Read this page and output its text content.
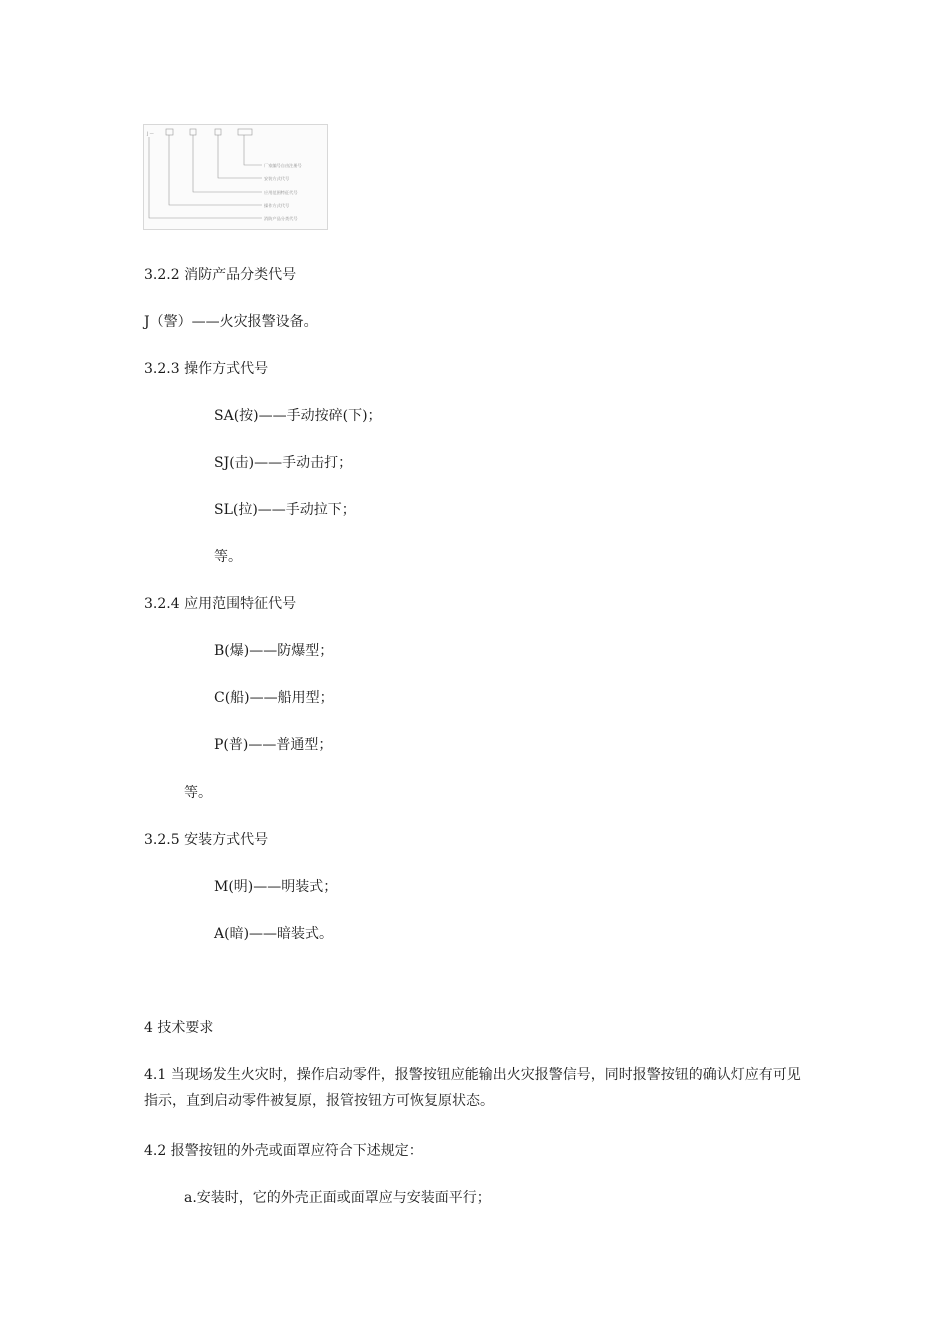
J —
厂家编号自由注册号
安装方式代号
应用范围特征代号
操作方式代号
消防产品分类代号
3.2.2 消防产品分类代号
J（警）——火灾报警设备。
3.2.3 操作方式代号
SA(按)——手动按碎(下)；
SJ(击)——手动击打；
SL(拉)——手动拉下；
等。
3.2.4 应用范围特征代号
B(爆)——防爆型；
C(船)——船用型；
P(普)——普通型；
等。
3.2.5 安装方式代号
M(明)——明装式；
A(暗)——暗装式。
4 技术要求
4.1 当现场发生火灾时，操作启动零件，报警按钮应能输出火灾报警信号，同时报警按钮的确认灯应有可见指示，直到启动零件被复原，报管按钮方可恢复原状态。
4.2 报警按钮的外壳或面罩应符合下述规定：
a.安装时，它的外壳正面或面罩应与安装面平行；
